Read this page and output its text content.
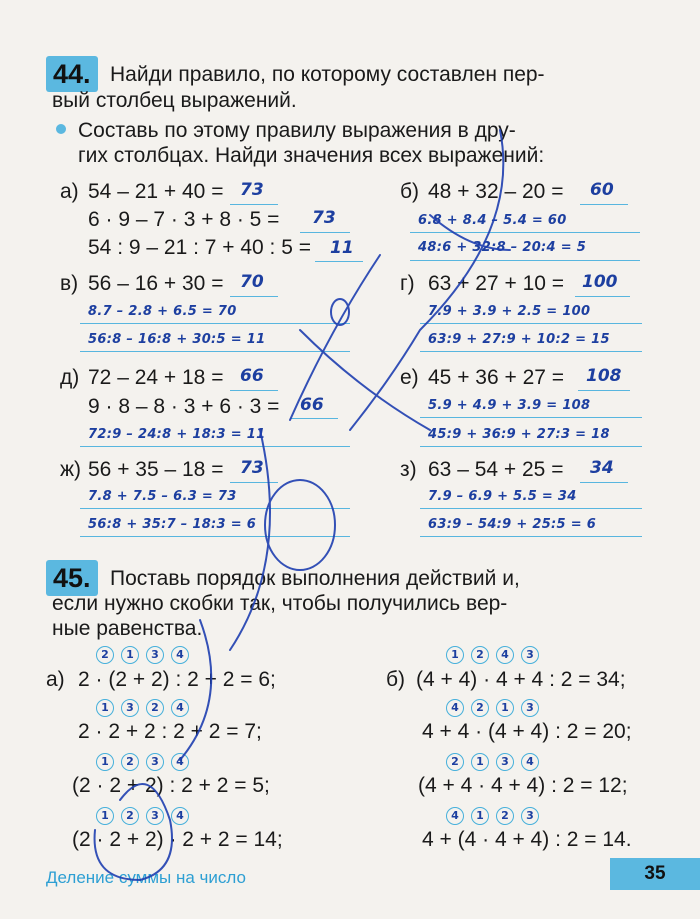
44. Найди правило, по которому составлен пер-
вый столбец выражений.
Составь по этому правилу выражения в дру-
гих столбцах. Найди значения всех выражений:
а) 54 – 21 + 40 = 73
6 · 9 – 7 · 3 + 8 · 5 = 73
54 : 9 – 21 : 7 + 40 : 5 = 11
б) 48 + 32 – 20 = 60
6.8 + 8.4 – 5.4 = 60
48:6 + 32:8 – 20:4 = 5
в) 56 – 16 + 30 = 70
8.7 – 2.8 + 6.5 = 70
56:8 – 16:8 + 30:5 = 11
г) 63 + 27 + 10 = 100
7.9 + 3.9 + 2.5 = 100
63:9 + 27:9 + 10:2 = 15
д) 72 – 24 + 18 = 66
9 · 8 – 8 · 3 + 6 · 3 = 66
72:9 – 24:8 + 18:3 = 11
е) 45 + 36 + 27 = 108
5.9 + 4.9 + 3.9 = 108
45:9 + 36:9 + 27:3 = 18
ж) 56 + 35 – 18 = 73
7.8 + 7.5 – 6.3 = 73
56:8 + 35:7 – 18:3 = 6
з) 63 – 54 + 25 = 34
7.9 – 6.9 + 5.5 = 34
63:9 – 54:9 + 25:5 = 6
45. Поставь порядок выполнения действий и,
если нужно скобки так, чтобы получились вер-
ные равенства.
а)	б)
2 1 3 4
2 · (2 + 2) : 2 + 2 = 6;
1 3 2 4
2 · 2 + 2 : 2 + 2 = 7;
1 2 3 4
(2 · 2 + 2) : 2 + 2 = 5;
1 2 3 4
(2 · 2 + 2) · 2 + 2 = 14;
1 2 4 3
(4 + 4) · 4 + 4 : 2 = 34;
4 2 1 3
4 + 4 · (4 + 4) : 2 = 20;
2 1 3 4
(4 + 4 · 4 + 4) : 2 = 12;
4 1 2 3
4 + (4 · 4 + 4) : 2 = 14.
Деление суммы на число	35
